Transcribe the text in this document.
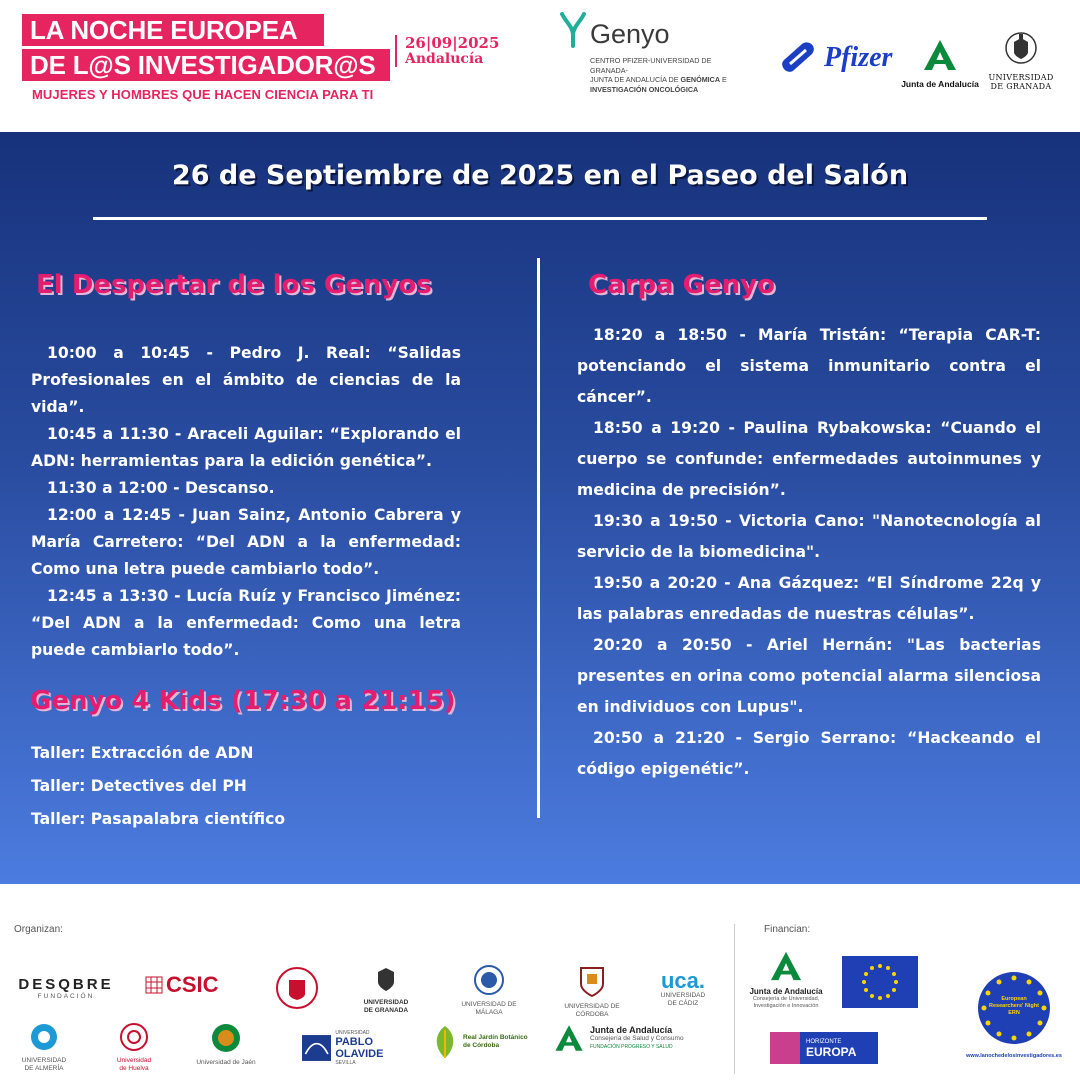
LA NOCHE EUROPEA
DE L@S INVESTIGADOR@S
26|09|2025
Andalucía
MUJERES Y HOMBRES QUE HACEN CIENCIA PARA TI
Genyo
CENTRO PFIZER-UNIVERSIDAD DE GRANADA-
JUNTA DE ANDALUCÍA DE GENÓMICA E
INVESTIGACIÓN ONCOLÓGICA
Pfizer
Junta de Andalucía
UNIVERSIDAD
DE GRANADA
26 de Septiembre de 2025 en el Paseo del Salón
El Despertar de los Genyos

10:00 a 10:45 - Pedro J. Real: “Salidas Profesionales en el ámbito de ciencias de la vida”.

10:45 a 11:30 - Araceli Aguilar: “Explorando el ADN: herramientas para la edición genética”.

11:30 a 12:00 - Descanso.

12:00 a 12:45 - Juan Sainz, Antonio Cabrera y María Carretero: “Del ADN a la enfermedad: Como una letra puede cambiarlo todo”.

12:45 a 13:30 - Lucía Ruíz y Francisco Jiménez: “Del ADN a la enfermedad: Como una letra puede cambiarlo todo”.

Genyo 4 Kids (17:30 a 21:15)
Taller: Extracción de ADN
Taller: Detectives del PH
Taller: Pasapalabra científico
Carpa Genyo

18:20 a 18:50 - María Tristán: “Terapia CAR-T: potenciando el sistema inmunitario contra el cáncer”.

18:50 a 19:20 - Paulina Rybakowska: “Cuando el cuerpo se confunde: enfermedades autoinmunes y medicina de precisión”.

19:30 a 19:50 - Victoria Cano: "Nanotecnología al servicio de la biomedicina".

19:50 a 20:20 - Ana Gázquez: “El Síndrome 22q y las palabras enredadas de nuestras células”.

20:20 a 20:50 - Ariel Hernán: "Las bacterias presentes en orina como potencial alarma silenciosa en individuos con Lupus".

20:50 a 21:20 - Sergio Serrano: “Hackeando el código epigenétic”.

Organizan:	Financian:
DESQBRE
FUNDACIÓN	CSIC
UNIVERSIDAD
DE GRANADA
UNIVERSIDAD DE MÁLAGA
UNIVERSIDAD DE CÓRDOBA
uca.
UNIVERSIDAD
DE CÁDIZ
UNIVERSIDAD
DE ALMERÍA
Universidad
de Huelva
Universidad de Jaén
UNIVERSIDAD
PABLO OLAVIDE
SEVILLA
Real Jardín Botánico
de Córdoba
Junta de Andalucía
Consejería de Salud y Consumo
FUNDACIÓN PROGRESO Y SALUD
Junta de Andalucía
Consejería de Universidad,
Investigación e Innovación
HORIZONTE
EUROPA
European
Researchers' Night
ERN
www.lanochedelosinvestigadores.es
